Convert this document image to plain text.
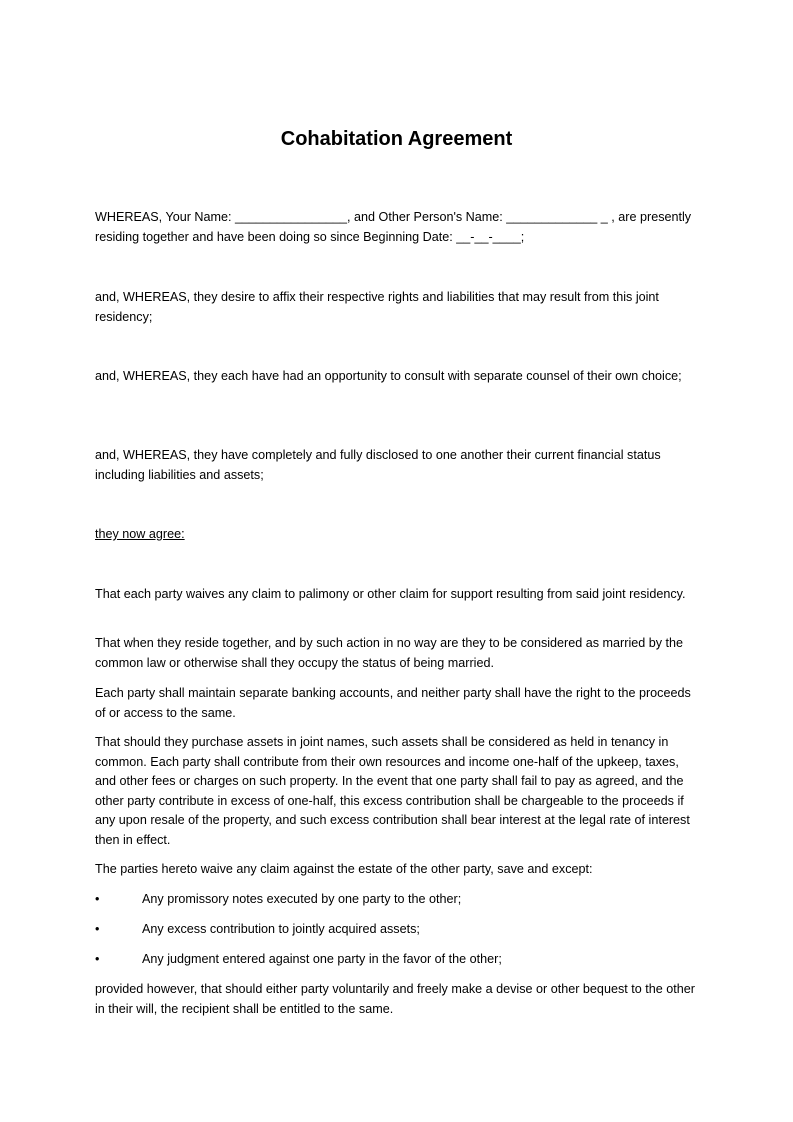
Cohabitation Agreement

WHEREAS, Your Name: ________________, and Other Person's Name: _____________ _ , are presently residing together and have been doing so since Beginning Date: __-__-____;

and, WHEREAS, they desire to affix their respective rights and liabilities that may result from this joint residency;

and, WHEREAS, they each have had an opportunity to consult with separate counsel of their own choice;

and, WHEREAS, they have completely and fully disclosed to one another their current financial status including liabilities and assets;

they now agree:

That each party waives any claim to palimony or other claim for support resulting from said joint residency.

That when they reside together, and by such action in no way are they to be considered as married by the common law or otherwise shall they occupy the status of being married.

Each party shall maintain separate banking accounts, and neither party shall have the right to the proceeds of or access to the same.

That should they purchase assets in joint names, such assets shall be considered as held in tenancy in common. Each party shall contribute from their own resources and income one-half of the upkeep, taxes, and other fees or charges on such property. In the event that one party shall fail to pay as agreed, and the other party contribute in excess of one-half, this excess contribution shall be chargeable to the proceeds if any upon resale of the property, and such excess contribution shall bear interest at the legal rate of interest then in effect.

The parties hereto waive any claim against the estate of the other party, save and except:

•	Any promissory notes executed by one party to the other;
•	Any excess contribution to jointly acquired assets;
•	Any judgment entered against one party in the favor of the other;

provided however, that should either party voluntarily and freely make a devise or other bequest to the other in their will, the recipient shall be entitled to the same.
